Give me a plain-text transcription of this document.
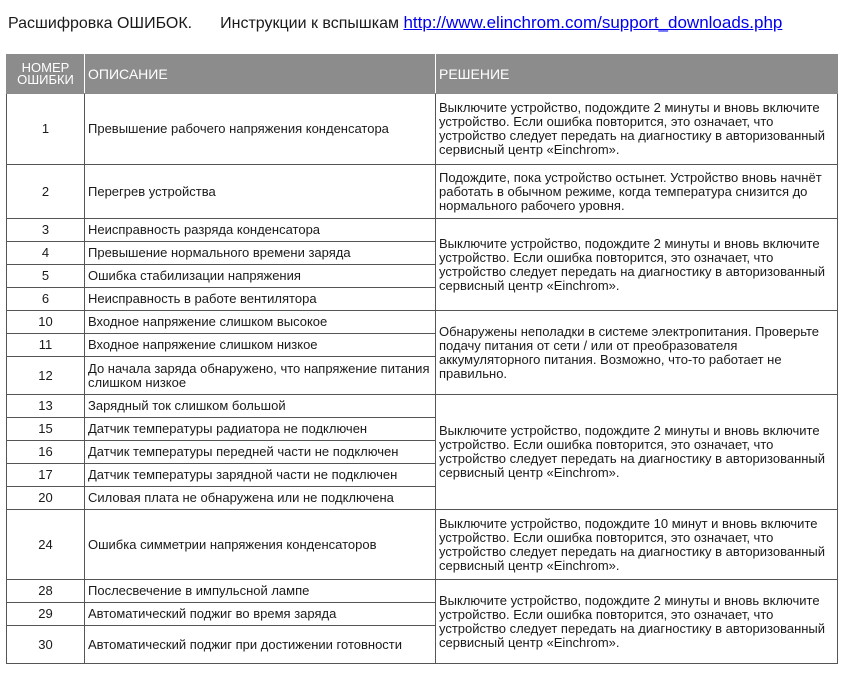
Расшифровка ОШИБОК. Инструкции к вспышкам http://www.elinchrom.com/support_downloads.php
НОМЕР
ОШИБКИ	ОПИСАНИЕ	РЕШЕНИЕ
1	Превышение рабочего напряжения конденсатора	Выключите устройство, подождите 2 минуты и вновь включите устройство. Если ошибка повторится, это означает, что устройство следует передать на диагностику в авторизованный сервисный центр «Einchrom».
2	Перегрев устройства	Подождите, пока устройство остынет. Устройство вновь начнёт работать в обычном режиме, когда температура снизится до нормального рабочего уровня.
3	Неисправность разряда конденсатора	Выключите устройство, подождите 2 минуты и вновь включите устройство. Если ошибка повторится, это означает, что устройство следует передать на диагностику в авторизованный сервисный центр «Einchrom».
4	Превышение нормального времени заряда	
5	Ошибка стабилизации напряжения	
6	Неисправность в работе вентилятора	
10	Входное напряжение слишком высокое	Обнаружены неполадки в системе электропитания. Проверьте подачу питания от сети / или от преобразователя аккумуляторного питания. Возможно, что-то работает не правильно.
11	Входное напряжение слишком низкое	
12	До начала заряда обнаружено, что напряжение питания слишком низкое	
13	Зарядный ток слишком большой	Выключите устройство, подождите 2 минуты и вновь включите устройство. Если ошибка повторится, это означает, что устройство следует передать на диагностику в авторизованный сервисный центр «Einchrom».
15	Датчик температуры радиатора не подключен	
16	Датчик температуры передней части не подключен	
17	Датчик температуры зарядной части не подключен	
20	Силовая плата не обнаружена или не подключена	
24	Ошибка симметрии напряжения конденсаторов	Выключите устройство, подождите 10 минут и вновь включите устройство. Если ошибка повторится, это означает, что устройство следует передать на диагностику в авторизованный сервисный центр «Einchrom».
28	Послесвечение в импульсной лампе	Выключите устройство, подождите 2 минуты и вновь включите устройство. Если ошибка повторится, это означает, что устройство следует передать на диагностику в авторизованный сервисный центр «Einchrom».
29	Автоматический поджиг во время заряда	
30	Автоматический поджиг при достижении готовности	
